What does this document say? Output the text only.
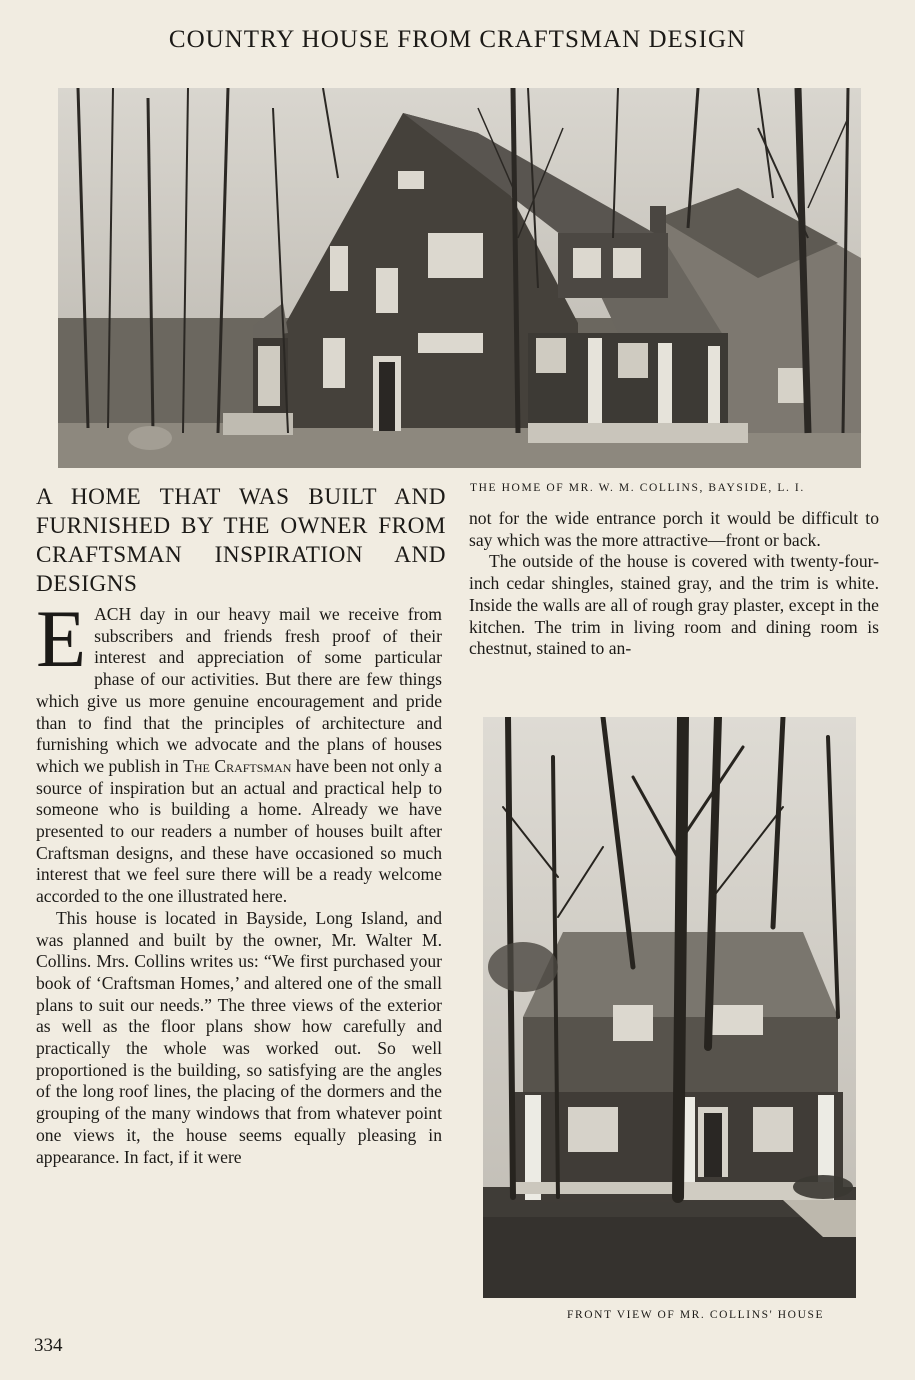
COUNTRY HOUSE FROM CRAFTSMAN DESIGN
THE HOME OF MR. W. M. COLLINS, BAYSIDE, L. I.
A HOME THAT WAS BUILT AND FURNISHED BY THE OWNER FROM CRAFTSMAN INSPIRATION AND DESIGNS

EACH day in our heavy mail we receive from subscribers and friends fresh proof of their interest and appreciation of some particular phase of our activities. But there are few things which give us more genuine encouragement and pride than to find that the principles of architecture and furnishing which we advocate and the plans of houses which we publish in The Craftsman have been not only a source of inspiration but an actual and practical help to someone who is building a home. Already we have presented to our readers a number of houses built after Craftsman designs, and these have occasioned so much interest that we feel sure there will be a ready welcome accorded to the one illustrated here.

This house is located in Bayside, Long Island, and was planned and built by the owner, Mr. Walter M. Collins. Mrs. Collins writes us: “We first purchased your book of ‘Craftsman Homes,’ and altered one of the small plans to suit our needs.” The three views of the exterior as well as the floor plans show how carefully and practically the whole was worked out. So well proportioned is the building, so satisfying are the angles of the long roof lines, the placing of the dormers and the grouping of the many windows that from whatever point one views it, the house seems equally pleasing in appearance. In fact, if it were

not for the wide entrance porch it would be difficult to say which was the more attractive—front or back.

The outside of the house is covered with twenty-four-inch cedar shingles, stained gray, and the trim is white. Inside the walls are all of rough gray plaster, except in the kitchen. The trim in living room and dining room is chestnut, stained to an-

FRONT VIEW OF MR. COLLINS' HOUSE
334
